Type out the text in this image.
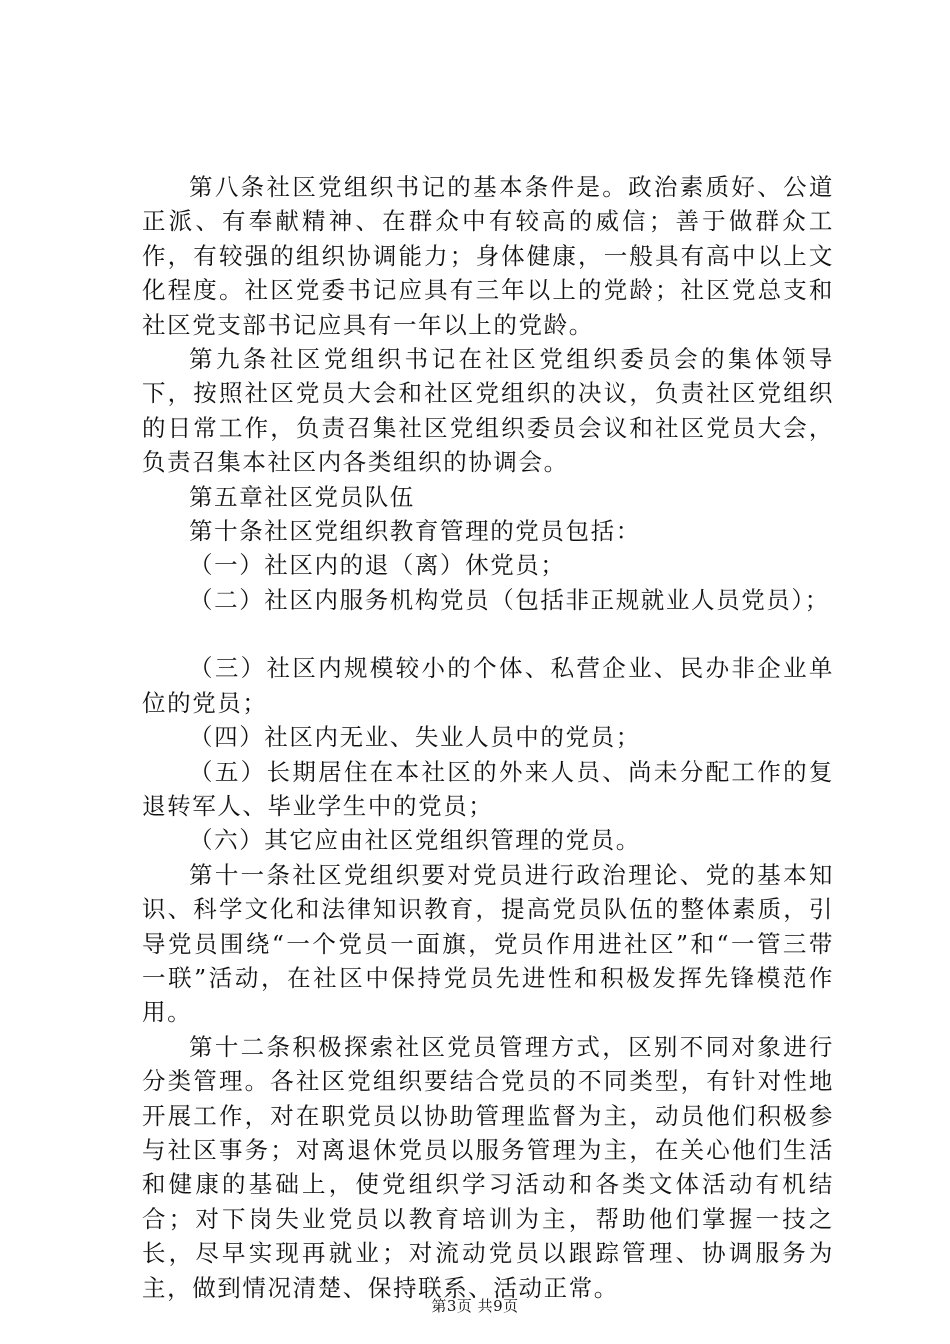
第八条社区党组织书记的基本条件是。政治素质好、公道正派、有奉献精神、在群众中有较高的威信；善于做群众工作，有较强的组织协调能力；身体健康，一般具有高中以上文化程度。社区党委书记应具有三年以上的党龄；社区党总支和社区党支部书记应具有一年以上的党龄。

第九条社区党组织书记在社区党组织委员会的集体领导下，按照社区党员大会和社区党组织的决议，负责社区党组织的日常工作，负责召集社区党组织委员会议和社区党员大会，负责召集本社区内各类组织的协调会。

第五章社区党员队伍

第十条社区党组织教育管理的党员包括：

（一）社区内的退（离）休党员；

（二）社区内服务机构党员（包括非正规就业人员党员）；

（三）社区内规模较小的个体、私营企业、民办非企业单位的党员；

（四）社区内无业、失业人员中的党员；

（五）长期居住在本社区的外来人员、尚未分配工作的复退转军人、毕业学生中的党员；

（六）其它应由社区党组织管理的党员。

第十一条社区党组织要对党员进行政治理论、党的基本知识、科学文化和法律知识教育，提高党员队伍的整体素质，引导党员围绕“一个党员一面旗，党员作用进社区”和“一管三带一联”活动，在社区中保持党员先进性和积极发挥先锋模范作用。

第十二条积极探索社区党员管理方式，区别不同对象进行分类管理。各社区党组织要结合党员的不同类型，有针对性地开展工作，对在职党员以协助管理监督为主，动员他们积极参与社区事务；对离退休党员以服务管理为主，在关心他们生活和健康的基础上，使党组织学习活动和各类文体活动有机结合；对下岗失业党员以教育培训为主，帮助他们掌握一技之长，尽早实现再就业；对流动党员以跟踪管理、协调服务为主，做到情况清楚、保持联系、活动正常。

第3页 共9页
